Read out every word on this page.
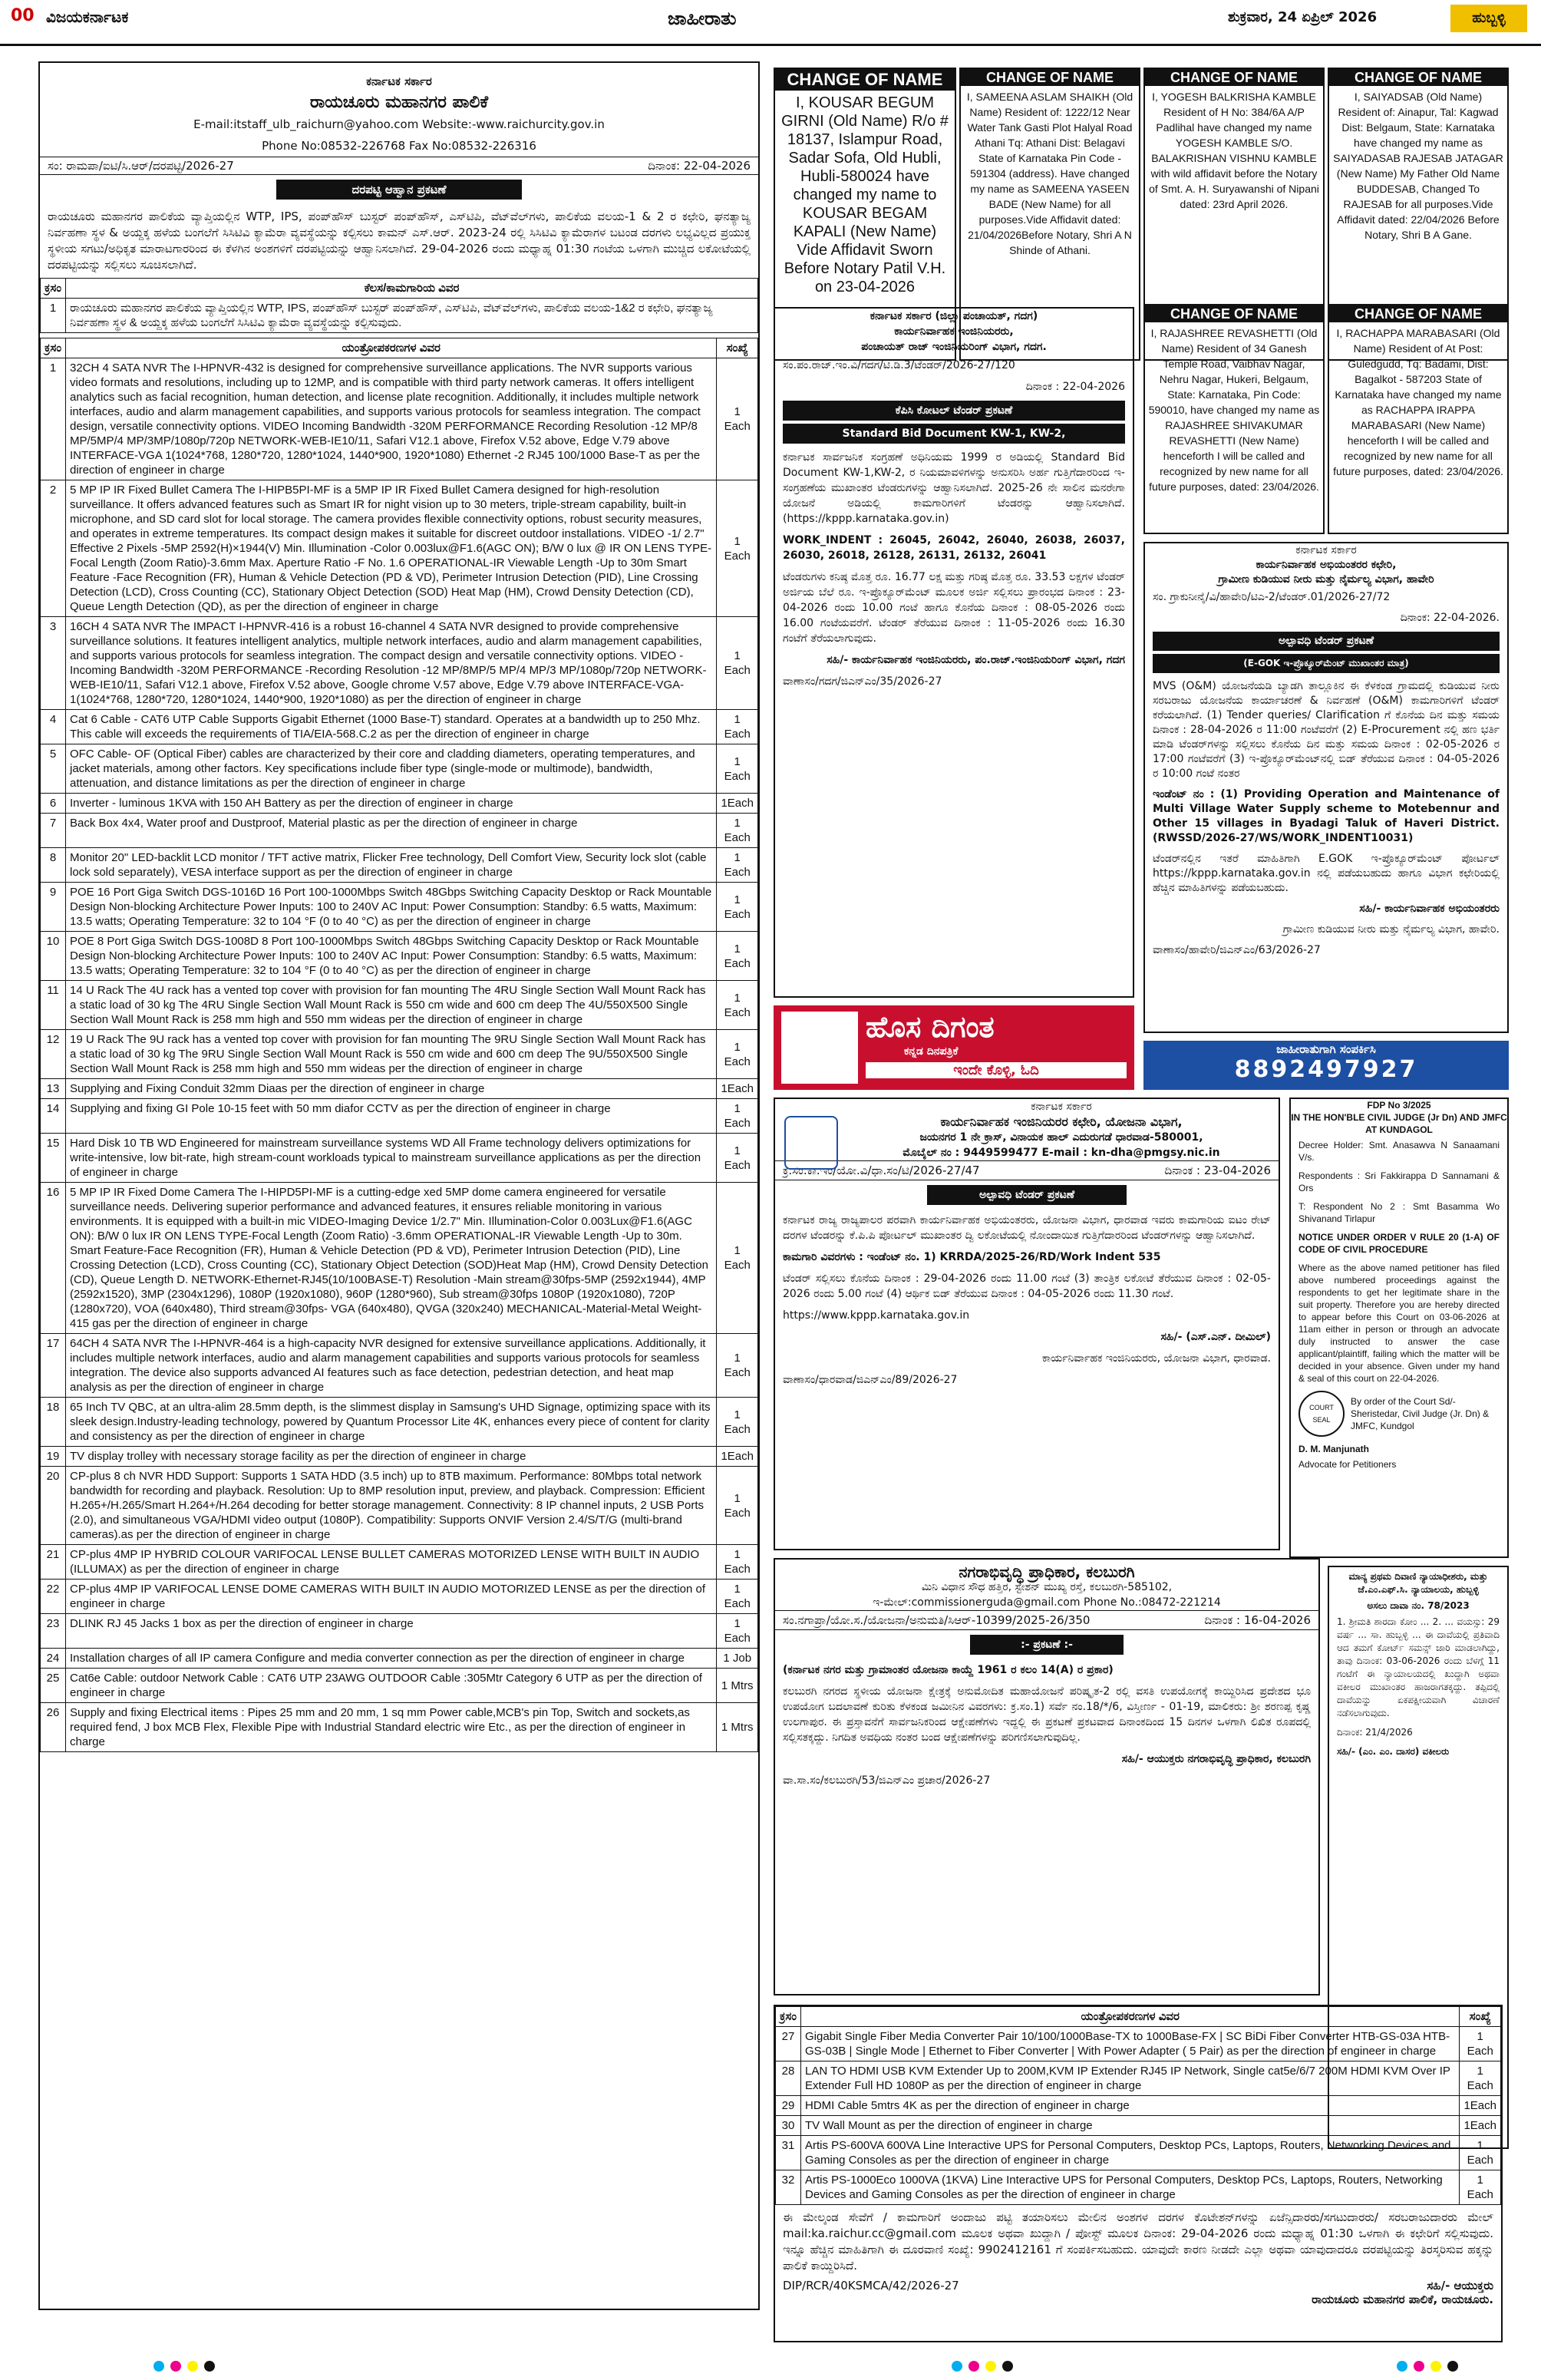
00 ವಿಜಯಕರ್ನಾಟಕ	ಜಾಹೀರಾತು	ಶುಕ್ರವಾರ, 24 ಏಪ್ರಿಲ್ 2026	ಹುಬ್ಬಳ್ಳಿ
ಕರ್ನಾಟಕ ಸರ್ಕಾರ
ರಾಯಚೂರು ಮಹಾನಗರ ಪಾಲಿಕೆ
E-mail:itstaff_ulb_raichurn@yahoo.com Website:-www.raichurcity.gov.in
Phone No:08532-226768 Fax No:08532-226316
ಸಂ: ರಾಮಪಾ/ಐಟಿ/ಸಿ.ಆರ್/ದರಪಟ್ಟಿ/2026-27	ದಿನಾಂಕ: 22-04-2026
ದರಪಟ್ಟಿ ಆಹ್ವಾನ ಪ್ರಕಟಣೆ
ರಾಯಚೂರು ಮಹಾನಗರ ಪಾಲಿಕೆಯ ವ್ಯಾಪ್ತಿಯಲ್ಲಿನ WTP, IPS, ಪಂಪ್‌ಹೌಸ್ ಬುಸ್ಟರ್ ಪಂಪ್‌ಹೌಸ್, ಎಸ್‌ಟಿಪಿ, ವೆಟ್‌ವೆಲ್‌ಗಳು, ಪಾಲಿಕೆಯ ವಲಯ-1 & 2 ರ ಕಛೇರಿ, ಘನತ್ಯಾಜ್ಯ ನಿರ್ವಹಣಾ ಸ್ಥಳ & ಅಯ್ದಕ್ಕ ಹಳೆಯ ಬಂಗಲೆಗೆ ಸಿಸಿಟಿವಿ ಕ್ಯಾಮೆರಾ ವ್ಯವಸ್ಥೆಯನ್ನು ಕಲ್ಪಿಸಲು ಕಾಮನ್ ಎಸ್.ಆರ್. 2023-24 ರಲ್ಲಿ ಸಿಸಿಟಿವಿ ಕ್ಯಾಮೆರಾಗಳ ಬಟಂಡ ದರಗಳು ಲಭ್ಯವಿಲ್ಲದ ಪ್ರಯುಕ್ತ ಸ್ಥಳೀಯ ಸಗಟು/ಅಧಿಕೃತ ಮಾರಾಟಗಾರರಿಂದ ಈ ಕೆಳಗಿನ ಅಂಶಗಳಿಗೆ ದರಪಟ್ಟಿಯನ್ನು ಆಹ್ವಾನಿಸಲಾಗಿದೆ. 29-04-2026 ರಂದು ಮಧ್ಯಾಹ್ನ 01:30 ಗಂಟೆಯ ಒಳಗಾಗಿ ಮುಚ್ಚಿದ ಲಕೋಟೆಯಲ್ಲಿ ದರಪಟ್ಟಿಯನ್ನು ಸಲ್ಲಿಸಲು ಸೂಚಿಸಲಾಗಿದೆ.
ಕ್ರಸಂ	ಕೆಲಸ/ಕಾಮಗಾರಿಯ ವಿವರ
1	ರಾಯಚೂರು ಮಹಾನಗರ ಪಾಲಿಕೆಯ ವ್ಯಾಪ್ತಿಯಲ್ಲಿನ WTP, IPS, ಪಂಪ್‌ಹೌಸ್ ಬುಸ್ಟರ್ ಪಂಪ್‌ಹೌಸ್, ಎಸ್‌ಟಿಪಿ, ವೆಟ್‌ವೆಲ್‌ಗಳು, ಪಾಲಿಕೆಯ ವಲಯ-1&2 ರ ಕಛೇರಿ, ಘನತ್ಯಾಜ್ಯ ನಿರ್ವಹಣಾ ಸ್ಥಳ & ಅಯ್ದಕ್ಕ ಹಳೆಯ ಬಂಗಲೆಗೆ ಸಿಸಿಟಿವಿ ಕ್ಯಾಮೆರಾ ವ್ಯವಸ್ಥೆಯನ್ನು ಕಲ್ಪಿಸುವುದು.
ಕ್ರಸಂ	ಯಂತ್ರೋಪಕರಣಗಳ ವಿವರ	ಸಂಖ್ಯೆ
1	32CH 4 SATA NVR The I-HPNVR-432 is designed for comprehensive surveillance applications. The NVR supports various video formats and resolutions, including up to 12MP, and is compatible with third party network cameras. It offers intelligent analytics such as facial recognition, human detection, and license plate recognition. Additionally, it includes multiple network interfaces, audio and alarm management capabilities, and supports various protocols for seamless integration. The compact design, versatile connectivity options. VIDEO Incoming Bandwidth -320M PERFORMANCE Recording Resolution -12 MP/8 MP/5MP/4 MP/3MP/1080p/720p NETWORK-WEB-IE10/11, Safari V12.1 above, Firefox V.52 above, Edge V.79 above INTERFACE-VGA 1(1024*768, 1280*720, 1280*1024, 1440*900, 1920*1080) Ethernet -2 RJ45 100/1000 Base-T as per the direction of engineer in charge	1 Each
2	5 MP IP IR Fixed Bullet Camera The I-HIPB5PI-MF is a 5MP IP IR Fixed Bullet Camera designed for high-resolution surveillance. It offers advanced features such as Smart IR for night vision up to 30 meters, triple-stream capability, built-in microphone, and SD card slot for local storage. The camera provides flexible connectivity options, robust security measures, and operates in extreme temperatures. Its compact design makes it suitable for discreet outdoor installations. VIDEO -1/ 2.7" Effective 2 Pixels -5MP 2592(H)×1944(V) Min. Illumination -Color 0.003lux@F1.6(AGC ON); B/W 0 lux @ IR ON LENS TYPE-Focal Length (Zoom Ratio)-3.6mm Max. Aperture Ratio -F No. 1.6 OPERATIONAL-IR Viewable Length -Up to 30m Smart Feature -Face Recognition (FR), Human & Vehicle Detection (PD & VD), Perimeter Intrusion Detection (PID), Line Crossing Detection (LCD), Cross Counting (CC), Stationary Object Detection (SOD) Heat Map (HM), Crowd Density Detection (CD), Queue Length Detection (QD), as per the direction of engineer in charge	1 Each
3	16CH 4 SATA NVR The IMPACT I-HPNVR-416 is a robust 16-channel 4 SATA NVR designed to provide comprehensive surveillance solutions. It features intelligent analytics, multiple network interfaces, audio and alarm management capabilities, and supports various protocols for seamless integration. The compact design and versatile connectivity options. VIDEO -Incoming Bandwidth -320M PERFORMANCE -Recording Resolution -12 MP/8MP/5 MP/4 MP/3 MP/1080p/720p NETWORK-WEB-IE10/11, Safari V12.1 above, Firefox V.52 above, Google chrome V.57 above, Edge V.79 above INTERFACE-VGA-1(1024*768, 1280*720, 1280*1024, 1440*900, 1920*1080) as per the direction of engineer in charge	1 Each
4	Cat 6 Cable - CAT6 UTP Cable Supports Gigabit Ethernet (1000 Base-T) standard. Operates at a bandwidth up to 250 Mhz. This cable will exceeds the requirements of TIA/EIA-568.C.2 as per the direction of engineer in charge	1 Each
5	OFC Cable- OF (Optical Fiber) cables are characterized by their core and cladding diameters, operating temperatures, and jacket materials, among other factors. Key specifications include fiber type (single-mode or multimode), bandwidth, attenuation, and distance limitations as per the direction of engineer in charge	1 Each
6	Inverter - luminous 1KVA with 150 AH Battery as per the direction of engineer in charge	1Each
7	Back Box 4x4, Water proof and Dustproof, Material plastic as per the direction of engineer in charge	1 Each
8	Monitor 20" LED-backlit LCD monitor / TFT active matrix, Flicker Free technology, Dell Comfort View, Security lock slot (cable lock sold separately), VESA interface support as per the direction of engineer in charge	1 Each
9	POE 16 Port Giga Switch DGS-1016D 16 Port 100-1000Mbps Switch 48Gbps Switching Capacity Desktop or Rack Mountable Design Non-blocking Architecture Power Inputs: 100 to 240V AC Input: Power Consumption: Standby: 6.5 watts, Maximum: 13.5 watts; Operating Temperature: 32 to 104 °F (0 to 40 °C) as per the direction of engineer in charge	1 Each
10	POE 8 Port Giga Switch DGS-1008D 8 Port 100-1000Mbps Switch 48Gbps Switching Capacity Desktop or Rack Mountable Design Non-blocking Architecture Power Inputs: 100 to 240V AC Input: Power Consumption: Standby: 6.5 watts, Maximum: 13.5 watts; Operating Temperature: 32 to 104 °F (0 to 40 °C) as per the direction of engineer in charge	1 Each
11	14 U Rack The 4U rack has a vented top cover with provision for fan mounting The 4RU Single Section Wall Mount Rack has a static load of 30 kg The 4RU Single Section Wall Mount Rack is 550 cm wide and 600 cm deep The 4U/550X500 Single Section Wall Mount Rack is 258 mm high and 550 mm wideas per the direction of engineer in charge	1 Each
12	19 U Rack The 9U rack has a vented top cover with provision for fan mounting The 9RU Single Section Wall Mount Rack has a static load of 30 kg The 9RU Single Section Wall Mount Rack is 550 cm wide and 600 cm deep The 9U/550X500 Single Section Wall Mount Rack is 258 mm high and 550 mm wideas per the direction of engineer in charge	1 Each
13	Supplying and Fixing Conduit 32mm Diaas per the direction of engineer in charge	1Each
14	Supplying and fixing GI Pole 10-15 feet with 50 mm diafor CCTV as per the direction of engineer in charge	1 Each
15	Hard Disk 10 TB WD Engineered for mainstream surveillance systems WD All Frame technology delivers optimizations for write-intensive, low bit-rate, high stream-count workloads typical to mainstream surveillance applications as per the direction of engineer in charge	1 Each
16	5 MP IP IR Fixed Dome Camera The I-HIPD5PI-MF is a cutting-edge xed 5MP dome camera engineered for versatile surveillance needs. Delivering superior performance and advanced features, it ensures reliable monitoring in various environments. It is equipped with a built-in mic VIDEO-Imaging Device 1/2.7" Min. Illumination-Color 0.003Lux@F1.6(AGC ON): B/W 0 lux IR ON LENS TYPE-Focal Length (Zoom Ratio) -3.6mm OPERATIONAL-IR Viewable Length -Up to 30m. Smart Feature-Face Recognition (FR), Human & Vehicle Detection (PD & VD), Perimeter Intrusion Detection (PID), Line Crossing Detection (LCD), Cross Counting (CC), Stationary Object Detection (SOD)Heat Map (HM), Crowd Density Detection (CD), Queue Length D. NETWORK-Ethernet-RJ45(10/100BASE-T) Resolution -Main stream@30fps-5MP (2592x1944), 4MP (2592x1520), 3MP (2304x1296), 1080P (1920x1080), 960P (1280*960), Sub stream@30fps 1080P (1920x1080), 720P (1280x720), VOA (640x480), Third stream@30fps- VGA (640x480), QVGA (320x240) MECHANICAL-Material-Metal Weight- 415 gas per the direction of engineer in charge	1 Each
17	64CH 4 SATA NVR The I-HPNVR-464 is a high-capacity NVR designed for extensive surveillance applications. Additionally, it includes multiple network interfaces, audio and alarm management capabilities and supports various protocols for seamless integration. The device also supports advanced AI features such as face detection, pedestrian detection, and heat map analysis as per the direction of engineer in charge	1 Each
18	65 Inch TV QBC, at an ultra-alim 28.5mm depth, is the slimmest display in Samsung's UHD Signage, optimizing space with its sleek design.Industry-leading technology, powered by Quantum Processor Lite 4K, enhances every piece of content for clarity and consistency as per the direction of engineer in charge	1 Each
19	TV display trolley with necessary storage facility as per the direction of engineer in charge	1Each
20	CP-plus 8 ch NVR HDD Support: Supports 1 SATA HDD (3.5 inch) up to 8TB maximum. Performance: 80Mbps total network bandwidth for recording and playback. Resolution: Up to 8MP resolution input, preview, and playback. Compression: Efficient H.265+/H.265/Smart H.264+/H.264 decoding for better storage management. Connectivity: 8 IP channel inputs, 2 USB Ports (2.0), and simultaneous VGA/HDMI video output (1080P). Compatibility: Supports ONVIF Version 2.4/S/T/G (multi-brand cameras).as per the direction of engineer in charge	1 Each
21	CP-plus 4MP IP HYBRID COLOUR VARIFOCAL LENSE BULLET CAMERAS MOTORIZED LENSE WITH BUILT IN AUDIO (ILLUMAX) as per the direction of engineer in charge	1 Each
22	CP-plus 4MP IP VARIFOCAL LENSE DOME CAMERAS WITH BUILT IN AUDIO MOTORIZED LENSE as per the direction of engineer in charge	1 Each
23	DLINK RJ 45 Jacks 1 box as per the direction of engineer in charge	1 Each
24	Installation charges of all IP camera Configure and media converter connection as per the direction of engineer in charge	1 Job
25	Cat6e Cable: outdoor Network Cable : CAT6 UTP 23AWG OUTDOOR Cable :305Mtr Category 6 UTP as per the direction of engineer in charge	1 Mtrs
26	Supply and fixing Electrical items : Pipes 25 mm and 20 mm, 1 sq mm Power cable,MCB's pin Top, Switch and sockets,as required fend, J box MCB Flex, Flexible Pipe with Industrial Standard electric wire Etc., as per the direction of engineer in charge	1 Mtrs
CHANGE OF NAME
I, KOUSAR BEGUM GIRNI (Old Name) R/o # 18137, Islampur Road, Sadar Sofa, Old Hubli, Hubli-580024 have changed my name to KOUSAR BEGAM KAPALI (New Name) Vide Affidavit Sworn Before Notary Patil V.H. on 23-04-2026
CHANGE OF NAME
I, SAMEENA ASLAM SHAIKH (Old Name) Resident of: 1222/12 Near Water Tank Gasti Plot Halyal Road Athani Tq: Athani Dist: Belagavi State of Karnataka Pin Code - 591304 (address). Have changed my name as SAMEENA YASEEN BADE (New Name) for all purposes.Vide Affidavit dated: 21/04/2026Before Notary, Shri A N Shinde of Athani.
CHANGE OF NAME
I, YOGESH BALKRISHA KAMBLE Resident of H No: 384/6A A/P Padlihal have changed my name YOGESH KAMBLE S/O. BALAKRISHAN VISHNU KAMBLE with wild affidavit before the Notary of Smt. A. H. Suryawanshi of Nipani dated: 23rd April 2026.
CHANGE OF NAME
I, SAIYADSAB (Old Name) Resident of: Ainapur, Tal: Kagwad Dist: Belgaum, State: Karnataka have changed my name as SAIYADASAB RAJESAB JATAGAR (New Name) My Father Old Name BUDDESAB, Changed To RAJESAB for all purposes.Vide Affidavit dated: 22/04/2026 Before Notary, Shri B A Gane.
CHANGE OF NAME
I, RAJASHREE REVASHETTI (Old Name) Resident of 34 Ganesh Temple Road, Vaibhav Nagar, Nehru Nagar, Hukeri, Belgaum, State: Karnataka, Pin Code: 590010, have changed my name as RAJASHREE SHIVAKUMAR REVASHETTI (New Name) henceforth I will be called and recognized by new name for all future purposes, dated: 23/04/2026.
CHANGE OF NAME
I, RACHAPPA MARABASARI (Old Name) Resident of At Post: Guledgudd, Tq: Badami, Dist: Bagalkot - 587203 State of Karnataka have changed my name as RACHAPPA IRAPPA MARABASARI (New Name) henceforth I will be called and recognized by new name for all future purposes, dated: 23/04/2026.
ಕರ್ನಾಟಕ ಸರ್ಕಾರ (ಜಿಲ್ಲಾ ಪಂಚಾಯತ್, ಗದಗ)
ಕಾರ್ಯನಿರ್ವಾಹಕ ಇಂಜಿನಿಯರರು,
ಪಂಚಾಯತ್ ರಾಜ್ ಇಂಜಿನಿಯರಿಂಗ್ ವಿಭಾಗ, ಗದಗ.
ಸಂ.ಪಂ.ರಾಜ್.ಇಂ.ವಿ/ಗದಗ/ಟಿ.ಡಿ.3/ಟೆಂಡರ್/2026-27/120
ದಿನಾಂಕ : 22-04-2026
ಕೆಪಿಸಿ ಕೋಟಲ್ ಟೆಂಡರ್ ಪ್ರಕಟಣೆ
Standard Bid Document KW-1, KW-2,
ಕರ್ನಾಟಕ ಸಾರ್ವಜನಿಕ ಸಂಗ್ರಹಣೆ ಅಧಿನಿಯಮ 1999 ರ ಅಡಿಯಲ್ಲಿ Standard Bid Document KW-1,KW-2, ರ ನಿಯಮಾವಳಿಗಳನ್ನು ಅನುಸರಿಸಿ ಅರ್ಹ ಗುತ್ತಿಗೆದಾರರಿಂದ ಇ-ಸಂಗ್ರಹಣೆಯ ಮುಖಾಂತರ ಟೆಂಡರುಗಳನ್ನು ಆಹ್ವಾನಿಸಲಾಗಿದೆ. 2025-26 ನೇ ಸಾಲಿನ ಮನರೇಗಾ ಯೋಜನೆ ಅಡಿಯಲ್ಲಿ ಕಾಮಗಾರಿಗಳಿಗೆ ಟೆಂಡರನ್ನು ಆಹ್ವಾನಿಸಲಾಗಿದೆ. (https://kppp.karnataka.gov.in)
WORK_INDENT : 26045, 26042, 26040, 26038, 26037, 26030, 26018, 26128, 26131, 26132, 26041
ಟೆಂಡರುಗಳು ಕನಿಷ್ಠ ಮೊತ್ತ ರೂ. 16.77 ಲಕ್ಷ ಮತ್ತು ಗರಿಷ್ಠ ಮೊತ್ತ ರೂ. 33.53 ಲಕ್ಷಗಳ ಟೆಂಡರ್ ಅರ್ಜಿಯ ಬೆಲೆ ರೂ. ಇ-ಪ್ರೊಕ್ಯೂರ್‌ಮೆಂಟ್ ಮೂಲಕ ಅರ್ಜಿ ಸಲ್ಲಿಸಲು ಪ್ರಾರಂಭದ ದಿನಾಂಕ : 23-04-2026 ರಂದು 10.00 ಗಂಟೆ ಹಾಗೂ ಕೊನೆಯ ದಿನಾಂಕ : 08-05-2026 ರಂದು 16.00 ಗಂಟೆಯವರೆಗೆ. ಟೆಂಡರ್ ತೆರೆಯುವ ದಿನಾಂಕ : 11-05-2026 ರಂದು 16.30 ಗಂಟೆಗೆ ತೆರೆಯಲಾಗುವುದು.
ಸಹಿ/- ಕಾರ್ಯನಿರ್ವಾಹಕ ಇಂಜಿನಿಯರರು, ಪಂ.ರಾಜ್.ಇಂಜಿನಿಯರಿಂಗ್ ವಿಭಾಗ, ಗದಗ
ವಾಣಾಸಂ/ಗದಗ/ಜಿಎನ್‌ಎಂ/35/2026-27
ಹೊಸ ದಿಗಂತ
ಕನ್ನಡ ದಿನಪತ್ರಿಕೆ
ಇಂದೇ ಕೊಳ್ಳಿ, ಓದಿ
ಕರ್ನಾಟಕ ಸರ್ಕಾರ
ಕಾರ್ಯನಿರ್ವಾಹಕ ಅಭಿಯಂತರರ ಕಛೇರಿ,
ಗ್ರಾಮೀಣ ಕುಡಿಯುವ ನೀರು ಮತ್ತು ನೈರ್ಮಲ್ಯ ವಿಭಾಗ, ಹಾವೇರಿ
ಸಂ. ಗ್ರಾಕುನೀನೈ/ವಿ/ಹಾವೇರಿ/ಟಿಎ-2/ಟೆಂಡರ್.01/2026-27/72
ದಿನಾಂಕ: 22-04-2026.
ಅಲ್ಪಾವಧಿ ಟೆಂಡರ್ ಪ್ರಕಟಣೆ
(E-GOK ಇ-ಪ್ರೊಕ್ಯೂರ್‌ಮೆಂಟ್ ಮುಖಾಂತರ ಮಾತ್ರ)
MVS (O&M) ಯೋಜನೆಯಡಿ ಬ್ಯಾಡಗಿ ತಾಲ್ಲೂಕಿನ ಈ ಕೆಳಕಂಡ ಗ್ರಾಮದಲ್ಲಿ ಕುಡಿಯುವ ನೀರು ಸರಬರಾಜು ಯೋಜನೆಯ ಕಾರ್ಯಾಚರಣೆ & ನಿರ್ವಹಣೆ (O&M) ಕಾಮಗಾರಿಗಳಿಗೆ ಟೆಂಡರ್ ಕರೆಯಲಾಗಿದೆ. (1) Tender queries/ Clarification ಗೆ ಕೊನೆಯ ದಿನ ಮತ್ತು ಸಮಯ ದಿನಾಂಕ : 28-04-2026 ರ 11:00 ಗಂಟೆವರೆಗೆ (2) E-Procurement ನಲ್ಲಿ ಹಣ ಭರ್ತಿ ಮಾಡಿ ಟೆಂಡರ್‌ಗಳನ್ನು ಸಲ್ಲಿಸಲು ಕೊನೆಯ ದಿನ ಮತ್ತು ಸಮಯ ದಿನಾಂಕ : 02-05-2026 ರ 17:00 ಗಂಟೆವರೆಗೆ (3) ಇ-ಪ್ರೊಕ್ಯೂರ್‌ಮೆಂಟ್‌ನಲ್ಲಿ ಬಿಡ್ ತೆರೆಯುವ ದಿನಾಂಕ : 04-05-2026 ರ 10:00 ಗಂಟೆ ನಂತರ
ಇಂಡೆಂಟ್ ನಂ : (1) Providing Operation and Maintenance of Multi Village Water Supply scheme to Motebennur and Other 15 villages in Byadagi Taluk of Haveri District. (RWSSD/2026-27/WS/WORK_INDENT10031)
ಟೆಂಡರ್‌ನಲ್ಲಿನ ಇತರೆ ಮಾಹಿತಿಗಾಗಿ E.GOK ಇ-ಪ್ರೊಕ್ಯೂರ್‌ಮೆಂಟ್ ಪೋರ್ಟಲ್ https://kppp.karnataka.gov.in ನಲ್ಲಿ ಪಡೆಯಬಹುದು ಹಾಗೂ ವಿಭಾಗ ಕಛೇರಿಯಲ್ಲಿ ಹೆಚ್ಚಿನ ಮಾಹಿತಿಗಳನ್ನು ಪಡೆಯಬಹುದು.
ಸಹಿ/- ಕಾರ್ಯನಿರ್ವಾಹಕ ಅಭಿಯಂತರರು
ಗ್ರಾಮೀಣ ಕುಡಿಯುವ ನೀರು ಮತ್ತು ನೈರ್ಮಲ್ಯ ವಿಭಾಗ, ಹಾವೇರಿ.
ವಾಣಾಸಂ/ಹಾವೇರಿ/ಜಿಎನ್‌ಎಂ/63/2026-27
ಜಾಹೀರಾತುಗಾಗಿ ಸಂಪರ್ಕಿಸಿ
8892497927
ಕರ್ನಾಟಕ ಸರ್ಕಾರ
ಕಾರ್ಯನಿರ್ವಾಹಕ ಇಂಜಿನಿಯರರ ಕಛೇರಿ, ಯೋಜನಾ ವಿಭಾಗ,
ಜಯನಗರ 1 ನೇ ಕ್ರಾಸ್, ವಿನಾಯಕ ಹಾಲ್ ಎದುರುಗಡೆ ಧಾರವಾಡ-580001,
ಮೊಬೈಲ್ ನಂ : 9449599477 E-mail : kn-dha@pmgsy.nic.in
ಕ್ರ.ಸಂ:ಕಾ.ಇಂ/ಯೋ.ವಿ/ಧಾ.ಸಂ/ಟಿ/2026-27/47	ದಿನಾಂಕ : 23-04-2026
ಅಲ್ಪಾವಧಿ ಟೆಂಡರ್ ಪ್ರಕಟಣೆ
ಕರ್ನಾಟಕ ರಾಜ್ಯ ರಾಜ್ಯಪಾಲರ ಪರವಾಗಿ ಕಾರ್ಯನಿರ್ವಾಹಕ ಅಭಿಯಂತರರು, ಯೋಜನಾ ವಿಭಾಗ, ಧಾರವಾಡ ಇವರು ಕಾಮಗಾರಿಯ ಐಟಂ ರೇಟ್ ದರಗಳ ಟೆಂಡರನ್ನು ಕೆ.ಪಿ.ಪಿ ಪೋರ್ಟಲ್ ಮುಖಾಂತರ ದ್ವಿ ಲಕೋಟೆಯಲ್ಲಿ ನೋಂದಾಯಿತ ಗುತ್ತಿಗೆದಾರರಿಂದ ಟೆಂಡರ್‌ಗಳನ್ನು ಆಹ್ವಾನಿಸಲಾಗಿದೆ.
ಕಾಮಗಾರಿ ವಿವರಗಳು : ಇಂಡೆಂಟ್ ನಂ. 1) KRRDA/2025-26/RD/Work Indent 535
ಟೆಂಡರ್ ಸಲ್ಲಿಸಲು ಕೊನೆಯ ದಿನಾಂಕ : 29-04-2026 ರಂದು 11.00 ಗಂಟೆ (3) ತಾಂತ್ರಿಕ ಲಕೋಟೆ ತೆರೆಯುವ ದಿನಾಂಕ : 02-05-2026 ರಂದು 5.00 ಗಂಟೆ (4) ಆರ್ಥಿಕ ಬಿಡ್ ತೆರೆಯುವ ದಿನಾಂಕ : 04-05-2026 ರಂದು 11.30 ಗಂಟೆ.
https://www.kppp.karnataka.gov.in
ಸಹಿ/- (ಎಸ್.ಎನ್. ದೀಮಿಲ್)
ಕಾರ್ಯನಿರ್ವಾಹಕ ಇಂಜಿನಿಯರರು, ಯೋಜನಾ ವಿಭಾಗ, ಧಾರವಾಡ.
ವಾಣಾಸಂ/ಧಾರವಾಡ/ಜಿಎನ್‌ಎಂ/89/2026-27
FDP No 3/2025
IN THE HON'BLE CIVIL JUDGE (Jr Dn) AND JMFC AT KUNDAGOL
Decree Holder: Smt. Anasawva N Sanaamani V/s.
Respondents : Sri Fakkirappa D Sannamani & Ors
T: Respondent No 2 : Smt Basamma Wo Shivanand Tirlapur
NOTICE UNDER ORDER V RULE 20 (1-A) OF CODE OF CIVIL PROCEDURE
Where as the above named petitioner has filed above numbered proceedings against the respondents to get her legitimate share in the suit property. Therefore you are hereby directed to appear before this Court on 03-06-2026 at 11am either in person or through an advocate duly instructed to answer the case applicant/plaintiff, failing which the matter will be decided in your absence. Given under my hand & seal of this court on 22-04-2026.
COURT SEAL
By order of the Court Sd/- Sheristedar, Civil Judge (Jr. Dn) & JMFC, Kundgol
D. M. Manjunath
Advocate for Petitioners
ಮಾನ್ಯ ಪ್ರಥಮ ದಿವಾಣಿ ನ್ಯಾಯಾಧೀಶರು, ಮತ್ತು ಜೆ.ಎಂ.ಎಫ್.ಸಿ. ನ್ಯಾಯಾಲಯ, ಹುಬ್ಬಳ್ಳಿ
ಅಸಲು ದಾವಾ ನಂ. 78/2023
1. ಶ್ರೀಮತಿ ಶಾರದಾ ಕೋಂ ... 2. ... ವಯಸ್ಸು: 29 ವರ್ಷ ... ಸಾ. ಹುಬ್ಬಳ್ಳಿ ... ಈ ದಾವೆಯಲ್ಲಿ ಪ್ರತಿವಾದಿ ಆದ ತಮಗೆ ಕೋರ್ಟ್ ಸಮನ್ಸ್ ಜಾರಿ ಮಾಡಲಾಗಿದ್ದು, ತಾವು ದಿನಾಂಕ: 03-06-2026 ರಂದು ಬೆಳಗ್ಗೆ 11 ಗಂಟೆಗೆ ಈ ನ್ಯಾಯಾಲಯದಲ್ಲಿ ಖುದ್ದಾಗಿ ಅಥವಾ ವಕೀಲರ ಮುಖಾಂತರ ಹಾಜರಾಗತಕ್ಕದ್ದು. ತಪ್ಪಿದಲ್ಲಿ ದಾವೆಯನ್ನು ಏಕಪಕ್ಷೀಯವಾಗಿ ವಿಚಾರಣೆ ನಡೆಸಲಾಗುವುದು.
ದಿನಾಂಕ: 21/4/2026
ಸಹಿ/- (ಎಂ. ಎಂ. ದಾಸರ) ವಕೀಲರು
ನಗರಾಭಿವೃದ್ಧಿ ಪ್ರಾಧಿಕಾರ, ಕಲಬುರಗಿ
ಮಿನಿ ವಿಧಾನ ಸೌಧ ಹತ್ತಿರ, ಸ್ಟೇಶನ್ ಮುಖ್ಯ ರಸ್ತೆ, ಕಲಬುರಗಿ-585102,
ಇ-ಮೇಲ್:commissionerguda@gmail.com Phone No.:08472-221214
ಸಂ.ನಗಾಪ್ರಾ/ಯೋ.ಸ./ಯೋಜನಾ/ಅನುಮತಿ/ಸಿಆರ್-10399/2025-26/350	ದಿನಾಂಕ : 16-04-2026
:- ಪ್ರಕಟಣೆ :-
(ಕರ್ನಾಟಕ ನಗರ ಮತ್ತು ಗ್ರಾಮಾಂತರ ಯೋಜನಾ ಕಾಯ್ದೆ 1961 ರ ಕಲಂ 14(A) ರ ಪ್ರಕಾರ)
ಕಲಬುರಗಿ ನಗರದ ಸ್ಥಳೀಯ ಯೋಜನಾ ಕ್ಷೇತ್ರಕ್ಕೆ ಅನುಮೋದಿತ ಮಹಾಯೋಜನೆ ಪರಿಷ್ಕೃತ-2 ರಲ್ಲಿ ವಸತಿ ಉಪಯೋಗಕ್ಕೆ ಕಾಯ್ದಿರಿಸಿದ ಪ್ರದೇಶದ ಭೂ ಉಪಯೋಗ ಬದಲಾವಣೆ ಕುರಿತು ಕೆಳಕಂಡ ಜಮೀನಿನ ವಿವರಗಳು: ಕ್ರ.ಸಂ.1) ಸರ್ವೆ ನಂ.18/*/6, ವಿಸ್ತೀರ್ಣ - 01-19, ಮಾಲಿಕರು: ಶ್ರೀ ಶರಣಪ್ಪ ಕೃಷ್ಣ ಉಲಗಾಪುರ. ಈ ಪ್ರಸ್ತಾವನೆಗೆ ಸಾರ್ವಜನಿಕರಿಂದ ಆಕ್ಷೇಪಣೆಗಳು ಇದ್ದಲ್ಲಿ ಈ ಪ್ರಕಟಣೆ ಪ್ರಕಟವಾದ ದಿನಾಂಕದಿಂದ 15 ದಿನಗಳ ಒಳಗಾಗಿ ಲಿಖಿತ ರೂಪದಲ್ಲಿ ಸಲ್ಲಿಸತಕ್ಕದ್ದು. ನಿಗದಿತ ಅವಧಿಯ ನಂತರ ಬಂದ ಆಕ್ಷೇಪಣೆಗಳನ್ನು ಪರಿಗಣಿಸಲಾಗುವುದಿಲ್ಲ.
ಸಹಿ/- ಆಯುಕ್ತರು ನಗರಾಭಿವೃದ್ಧಿ ಪ್ರಾಧಿಕಾರ, ಕಲಬುರಗಿ
ವಾ.ಸಾ.ಸಂ/ಕಲಬುರಗಿ/53/ಜಿಎನ್‌ಎಂ ಪ್ರಚಾರ/2026-27
ಕ್ರಸಂ	ಯಂತ್ರೋಪಕರಣಗಳ ವಿವರ	ಸಂಖ್ಯೆ
27	Gigabit Single Fiber Media Converter Pair 10/100/1000Base-TX to 1000Base-FX | SC BiDi Fiber Converter HTB-GS-03A HTB-GS-03B | Single Mode | Ethernet to Fiber Converter | With Power Adapter ( 5 Pair) as per the direction of engineer in charge	1 Each
28	LAN TO HDMI USB KVM Extender Up to 200M,KVM IP Extender RJ45 IP Network, Single cat5e/6/7 200M HDMI KVM Over IP Extender Full HD 1080P as per the direction of engineer in charge	1 Each
29	HDMI Cable 5mtrs 4K as per the direction of engineer in charge	1Each
30	TV Wall Mount as per the direction of engineer in charge	1Each
31	Artis PS-600VA 600VA Line Interactive UPS for Personal Computers, Desktop PCs, Laptops, Routers, Networking Devices and Gaming Consoles as per the direction of engineer in charge	1 Each
32	Artis PS-1000Eco 1000VA (1KVA) Line Interactive UPS for Personal Computers, Desktop PCs, Laptops, Routers, Networking Devices and Gaming Consoles as per the direction of engineer in charge	1 Each
ಈ ಮೇಲ್ಕಂಡ ಸೇವೆಗೆ / ಕಾಮಗಾರಿಗೆ ಅಂದಾಜು ಪಟ್ಟಿ ತಯಾರಿಸಲು ಮೇಲಿನ ಅಂಶಗಳ ದರಗಳ ಕೊಟೇಶನ್‌ಗಳನ್ನು ಏಜೆನ್ಸಿದಾರರು/ಸಗಟುದಾರರು/ ಸರಬರಾಜುದಾರರು ಮೇಲ್ mail:ka.raichur.cc@gmail.com ಮೂಲಕ ಅಥವಾ ಖುದ್ದಾಗಿ / ಪೋಸ್ಟ್ ಮೂಲಕ ದಿನಾಂಕ: 29-04-2026 ರಂದು ಮಧ್ಯಾಹ್ನ 01:30 ಒಳಗಾಗಿ ಈ ಕಛೇರಿಗೆ ಸಲ್ಲಿಸುವುದು. ಇನ್ನೂ ಹೆಚ್ಚಿನ ಮಾಹಿತಿಗಾಗಿ ಈ ದೂರವಾಣಿ ಸಂಖ್ಯೆ: 9902412161 ಗೆ ಸಂಪರ್ಕಿಸಬಹುದು. ಯಾವುದೇ ಕಾರಣ ನೀಡದೇ ಎಲ್ಲಾ ಅಥವಾ ಯಾವುದಾದರೂ ದರಪಟ್ಟಿಯನ್ನು ತಿರಸ್ಕರಿಸುವ ಹಕ್ಕನ್ನು ಪಾಲಿಕೆ ಕಾಯ್ದಿರಿಸಿದೆ.
DIP/RCR/40KSMCA/42/2026-27	ಸಹಿ/- ಆಯುಕ್ತರು
ರಾಯಚೂರು ಮಹಾನಗರ ಪಾಲಿಕೆ, ರಾಯಚೂರು.
